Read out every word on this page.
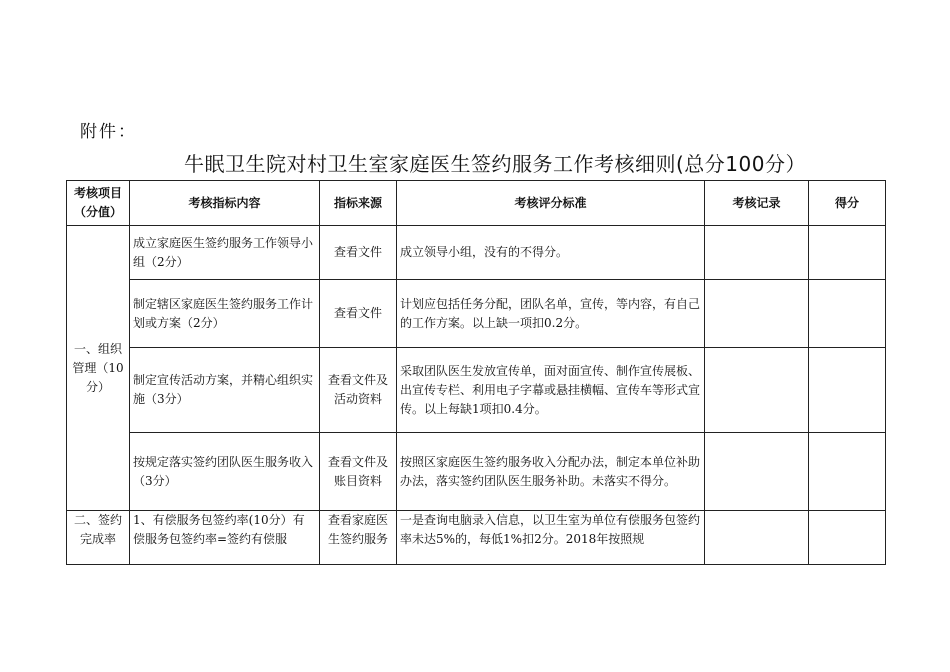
附件：
牛眠卫生院对村卫生室家庭医生签约服务工作考核细则(总分100分）
考核项目（分值）	考核指标内容	指标来源	考核评分标准	考核记录	得分
一、组织管理（10分）	成立家庭医生签约服务工作领导小组（2分）	查看文件	成立领导小组，没有的不得分。		
	制定辖区家庭医生签约服务工作计划或方案（2分）	查看文件	计划应包括任务分配，团队名单，宣传，等内容，有自己的工作方案。以上缺一项扣0.2分。		
	制定宣传活动方案，并精心组织实施（3分）	查看文件及活动资料	采取团队医生发放宣传单，面对面宣传、制作宣传展板、出宣传专栏、利用电子字幕或悬挂横幅、宣传车等形式宣传。以上每缺1项扣0.4分。		
	按规定落实签约团队医生服务收入（3分）	查看文件及账目资料	按照区家庭医生签约服务收入分配办法，制定本单位补助办法，落实签约团队医生服务补助。未落实不得分。		
二、签约完成率	1、有偿服务包签约率(10分）有偿服务包签约率=签约有偿服	查看家庭医生签约服务	一是查询电脑录入信息，以卫生室为单位有偿服务包签约率未达5%的，每低1%扣2分。2018年按照规		
